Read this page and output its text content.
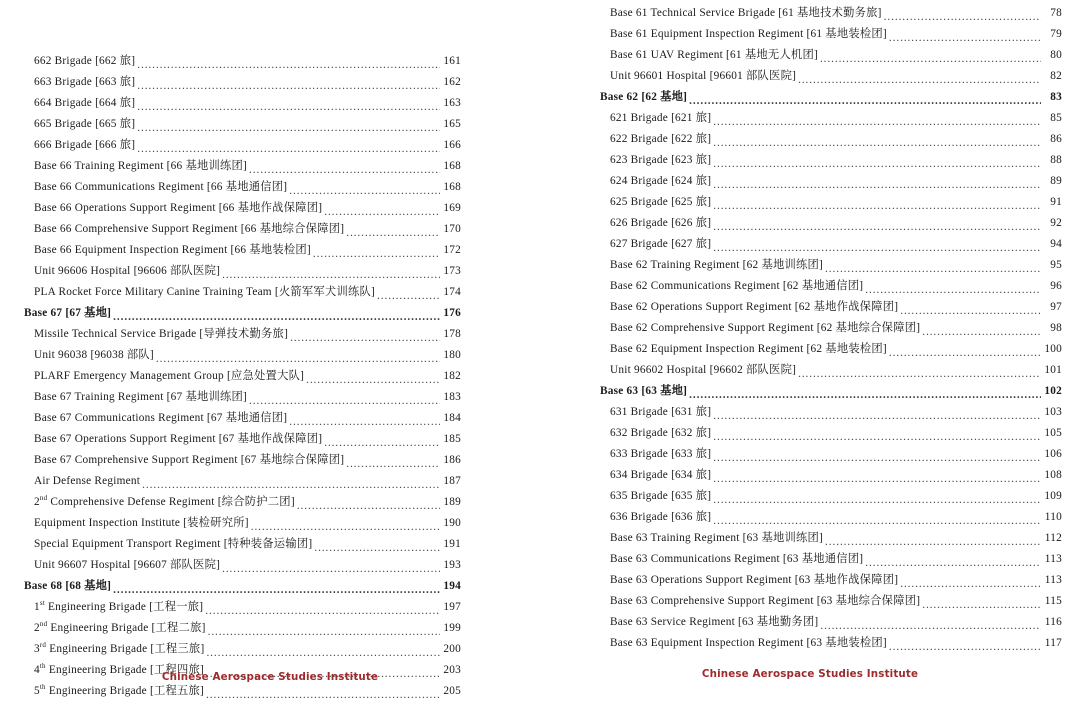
662 Brigade [662 旅] .....	161
663 Brigade [663 旅] .....	162
664 Brigade [664 旅] .....	163
665 Brigade [665 旅] .....	165
666 Brigade [666 旅] .....	166
Base 66 Training Regiment [66 基地训练团] .....	168
Base 66 Communications Regiment [66 基地通信团] .....	168
Base 66 Operations Support Regiment [66 基地作战保障团] .....	169
Base 66 Comprehensive Support Regiment [66 基地综合保障团] .....	170
Base 66 Equipment Inspection Regiment [66 基地装检团] .....	172
Unit 96606 Hospital [96606 部队医院] .....	173
PLA Rocket Force Military Canine Training Team [火箭军军犬训练队] .....	174
Base 67 [67 基地] .....	176
Missile Technical Service Brigade [导弹技术勤务旅] .....	178
Unit 96038 [96038 部队] .....	180
PLARF Emergency Management Group [应急处置大队] .....	182
Base 67 Training Regiment [67 基地训练团] .....	183
Base 67 Communications Regiment [67 基地通信团] .....	184
Base 67 Operations Support Regiment [67 基地作战保障团] .....	185
Base 67 Comprehensive Support Regiment [67 基地综合保障团] .....	186
Air Defense Regiment .....	187
2nd Comprehensive Defense Regiment [综合防护二团] .....	189
Equipment Inspection Institute [装检研究所] .....	190
Special Equipment Transport Regiment [特种装备运输团] .....	191
Unit 96607 Hospital [96607 部队医院] .....	193
Base 68 [68 基地] .....	194
1st Engineering Brigade [工程一旅] .....	197
2nd Engineering Brigade [工程二旅] .....	199
3rd Engineering Brigade [工程三旅] .....	200
4th Engineering Brigade [工程四旅] .....	203
5th Engineering Brigade [工程五旅] .....	205
Chinese Aerospace Studies Institute
Base 61 Technical Service Brigade [61 基地技术勤务旅] .....	78
Base 61 Equipment Inspection Regiment [61 基地装检团] .....	79
Base 61 UAV Regiment [61 基地无人机团] .....	80
Unit 96601 Hospital [96601 部队医院] .....	82
Base 62 [62 基地] .....	83
621 Brigade [621 旅] .....	85
622 Brigade [622 旅] .....	86
623 Brigade [623 旅] .....	88
624 Brigade [624 旅] .....	89
625 Brigade [625 旅] .....	91
626 Brigade [626 旅] .....	92
627 Brigade [627 旅] .....	94
Base 62 Training Regiment [62 基地训练团] .....	95
Base 62 Communications Regiment [62 基地通信团] .....	96
Base 62 Operations Support Regiment [62 基地作战保障团] .....	97
Base 62 Comprehensive Support Regiment [62 基地综合保障团] .....	98
Base 62 Equipment Inspection Regiment [62 基地装检团] .....	100
Unit 96602 Hospital [96602 部队医院] .....	101
Base 63 [63 基地] .....	102
631 Brigade [631 旅] .....	103
632 Brigade [632 旅] .....	105
633 Brigade [633 旅] .....	106
634 Brigade [634 旅] .....	108
635 Brigade [635 旅] .....	109
636 Brigade [636 旅] .....	110
Base 63 Training Regiment [63 基地训练团] .....	112
Base 63 Communications Regiment [63 基地通信团] .....	113
Base 63 Operations Support Regiment [63 基地作战保障团] .....	113
Base 63 Comprehensive Support Regiment [63 基地综合保障团] .....	115
Base 63 Service Regiment [63 基地勤务团] .....	116
Base 63 Equipment Inspection Regiment [63 基地装检团] .....	117
Chinese Aerospace Studies Institute
